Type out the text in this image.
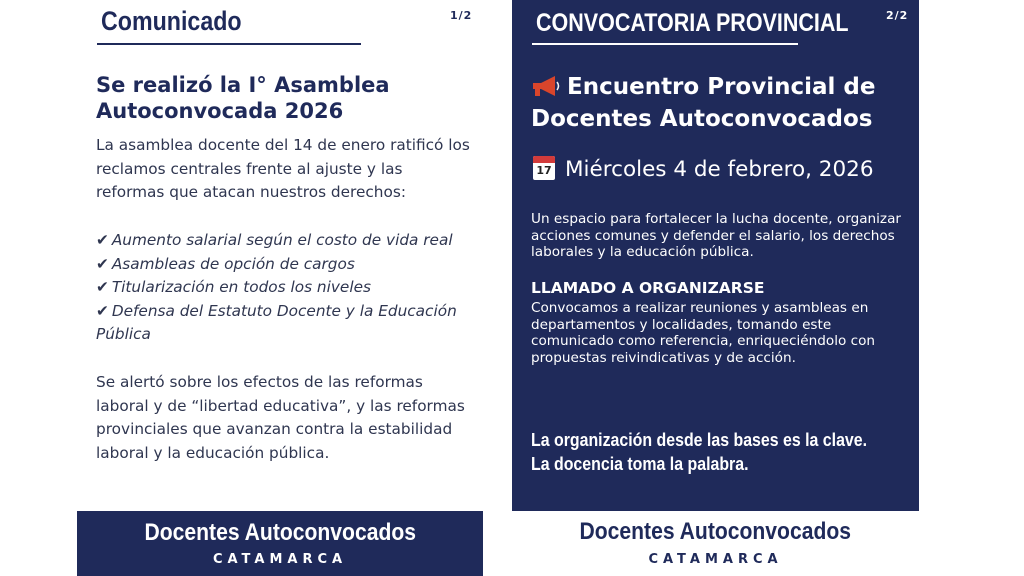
Comunicado	1/2
Se realizó la I° Asamblea Autoconvocada 2026
La asamblea docente del 14 de enero ratificó los reclamos centrales frente al ajuste y las reformas que atacan nuestros derechos:
✔ Aumento salarial según el costo de vida real
✔ Asambleas de opción de cargos
✔ Titularización en todos los niveles
✔ Defensa del Estatuto Docente y la Educación Pública
Se alertó sobre los efectos de las reformas laboral y de “libertad educativa”, y las reformas provinciales que avanzan contra la estabilidad laboral y la educación pública.
Docentes Autoconvocados
CATAMARCA
CONVOCATORIA PROVINCIAL	2/2
Encuentro Provincial de Docentes Autoconvocados
17 Miércoles 4 de febrero, 2026
Un espacio para fortalecer la lucha docente, organizar acciones comunes y defender el salario, los derechos laborales y la educación pública.
LLAMADO A ORGANIZARSE
Convocamos a realizar reuniones y asambleas en departamentos y localidades, tomando este comunicado como referencia, enriqueciéndolo con propuestas reivindicativas y de acción.
La organización desde las bases es la clave.
La docencia toma la palabra.
Docentes Autoconvocados
CATAMARCA
